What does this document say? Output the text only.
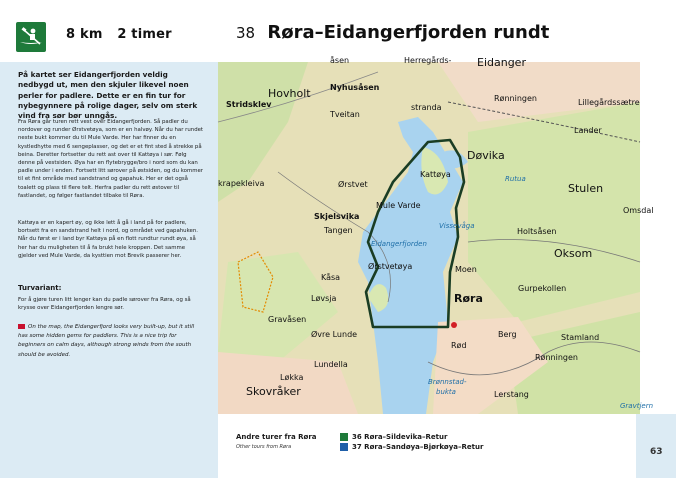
8 km 2 timer	38 Røra–Eidangerfjorden rundt
På kartet ser Eidangerfjorden veldig nedbygd ut, men den skjuler likevel noen perler for padlere. Dette er en fin tur for nybegynnere på rolige dager, selv om sterk vind fra sør bør unngås.
Fra Røra går turen rett vest over Eidangerfjorden. Så padler du nordover og runder Ørstvetøya, som er en halvøy. Når du har rundet neste bukt kommer du til Mule Varde. Her har finner du en kystledhytte med 6 sengeplasser, og det er et fint sted å strekke på beina. Deretter fortsetter du rett ast over til Kattøya i sør. Følg denne på vestsiden. Øya har en flytebrygge/bro i nord som du kan padle under i enden. Fortsett litt sørover på østsiden, og du kommer til et fint område med sandstrand og gapahuk. Her er det også toalett og plass til flere telt. Herfra padler du rett østover til fastlandet, og følger fastlandet tilbake til Røra.
Kattøya er en kapert øy, og ikke lett å gå i land på for padlere, bortsett fra en sandstrand helt i nord, og området ved gapahuken. Når du først er i land byr Kattøya på en flott rundtur rundt øya, så her har du muligheten til å fa brukt hele kroppen. Det samme gjelder ved Mule Varde, da kysttien mot Brevik passerer her.
Turvariant:
For å gjøre turen litt lenger kan du padle sørover fra Røra, og så krysse over Eidangerfjorden lengre sør.
On the map, the Eidangerfjord looks very built-up, but it still has some hidden gems for paddlers. This is a nice trip for beginners on calm days, although strong winds from the south should be avoided.
åsen	Eidanger
Herregårds-
stranda
Nyhusåsen
Hovholt
Stridsklev
Tveitan
Rønningen	Lillegårdssætre
Lander
Døvika
Rutua
Kattøya
Ørstvet	Stulen
krapekleiva
Holtsåsen
Omsdal
Skjelsvika
Mule Varde
Tangen	Vissevåga
Eidangerfjorden
Oksom
Ørstvetøya	Moen
Kåsa
Gurpekollen
Røra
Løvsja
Gravåsen
Øvre Lunde	Berg	Stamland
Rød
Lundella
Rønningen
Brønnstad-
bukta
Løkka
Skovråker	Lerstang
Gravtjern
Andre turer fra Røra
Other tours from Røra
36 Røra–Sildevika–Retur
37 Røra–Sandøya–Bjørkøya–Retur	63
